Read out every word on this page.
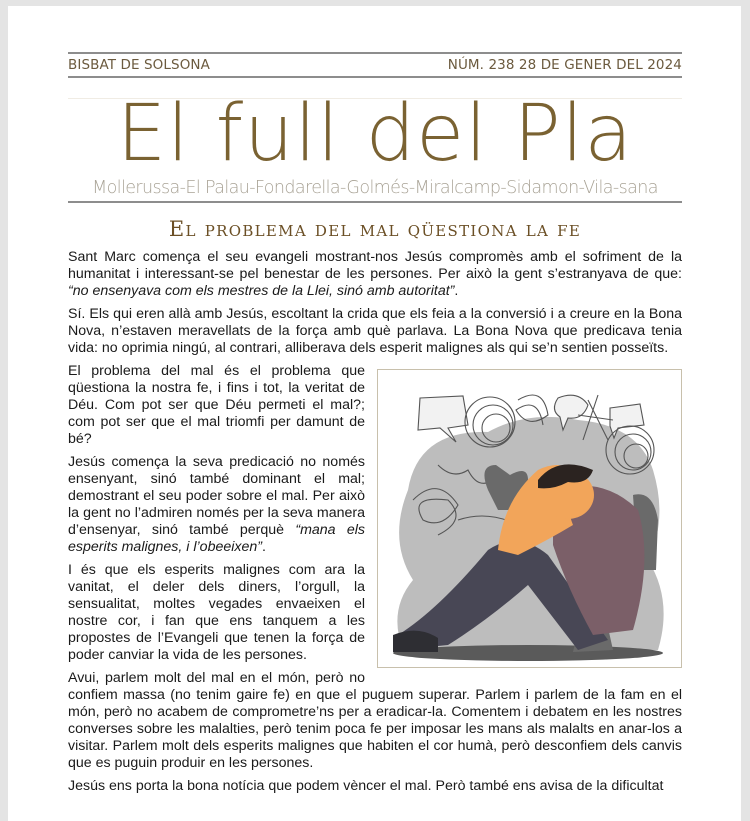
BISBAT DE SOLSONA	NÚM. 238 28 DE GENER DEL 2024
El full del Pla
Mollerussa-El Palau-Fondarella-Golmés-Miralcamp-Sidamon-Vila-sana
El problema del mal qüestiona la fe

Sant Marc comença el seu evangeli mostrant-nos Jesús compromès amb el sofriment de la humanitat i interessant-se pel benestar de les persones. Per això la gent s’estranyava de que: “no ensenyava com els mestres de la Llei, sinó amb autoritat”.

Sí. Els qui eren allà amb Jesús, escoltant la crida que els feia a la conversió i a creure en la Bona Nova, n’estaven meravellats de la força amb què parlava. La Bona Nova que predicava tenia vida: no oprimia ningú, al contrari, alliberava dels esperit malignes als qui se’n sentien posseïts.

El problema del mal és el problema que qüestiona la nostra fe, i fins i tot, la veritat de Déu. Com pot ser que Déu permeti el mal?; com pot ser que el mal triomfi per damunt de bé?

Jesús comença la seva predicació no només ensenyant, sinó també dominant el mal; demostrant el seu poder sobre el mal. Per això la gent no l’admiren només per la seva manera d’ensenyar, sinó també perquè “mana els esperits malignes, i l’obeeixen”.

I és que els esperits malignes com ara la vanitat, el deler dels diners, l’orgull, la sensualitat, moltes vegades envaeixen el nostre cor, i fan que ens tanquem a les propostes de l’Evangeli que tenen la força de poder canviar la vida de les persones.

Avui, parlem molt del mal en el món, però no confiem massa (no tenim gaire fe) en que el puguem superar. Parlem i parlem de la fam en el món, però no acabem de comprometre’ns per a eradicar-la. Comentem i debatem en les nostres converses sobre les malalties, però tenim poca fe per imposar les mans als malalts en anar-los a visitar. Parlem molt dels esperits malignes que habiten el cor humà, però desconfiem dels canvis que es puguin produir en les persones.

Jesús ens porta la bona notícia que podem vèncer el mal. Però també ens avisa de la dificultat
